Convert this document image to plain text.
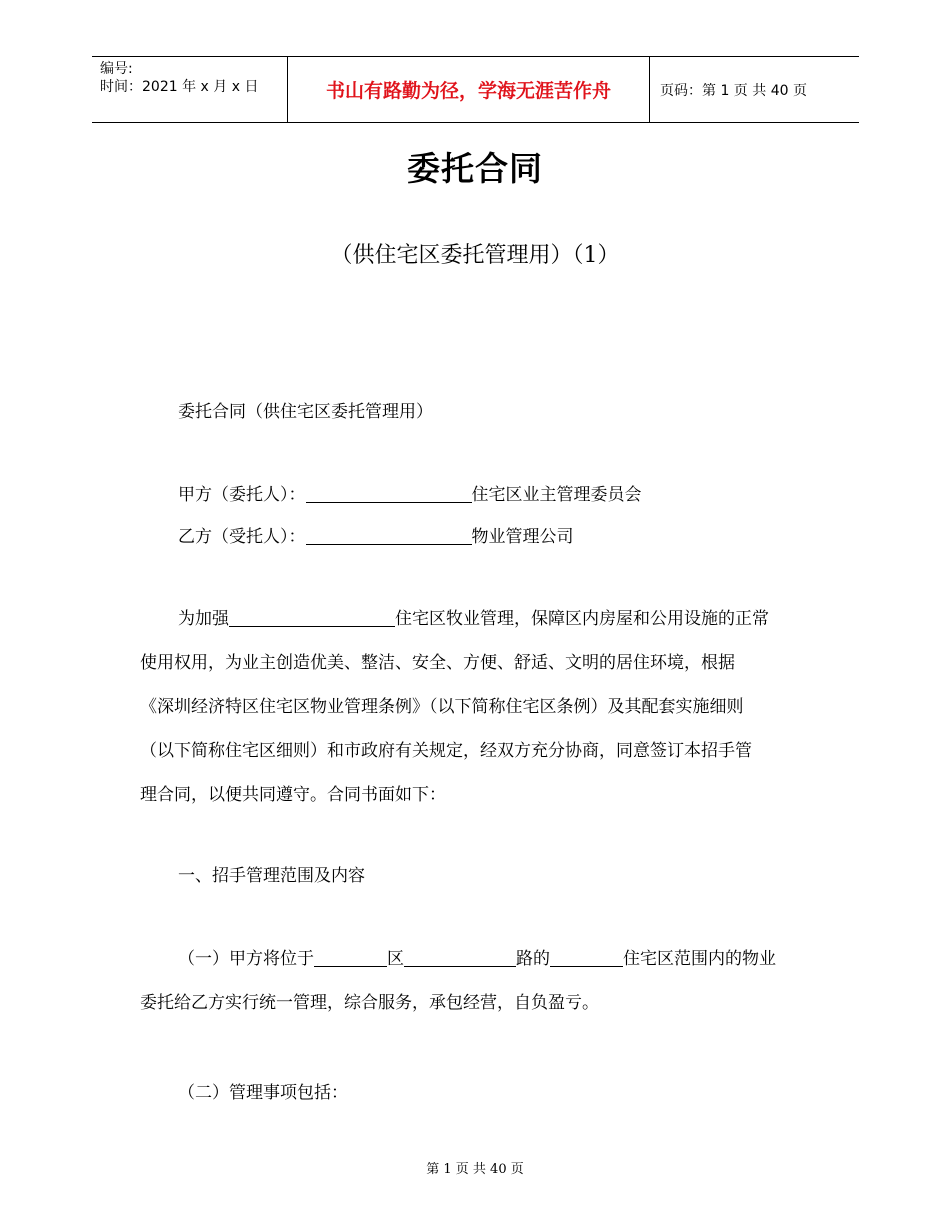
编号:
时间：2021 年 x 月 x 日	书山有路勤为径，学海无涯苦作舟	页码：第 1 页 共 40 页
委托合同
（供住宅区委托管理用）（1）
委托合同（供住宅区委托管理用）
甲方（委托人）：	住宅区业主管理委员会
乙方（受托人）：	物业管理公司

为加强	住宅区牧业管理，保障区内房屋和公用设施的正常

使用权用，为业主创造优美、整洁、安全、方便、舒适、文明的居住环境，根据

《深圳经济特区住宅区物业管理条例》（以下简称住宅区条例）及其配套实施细则

（以下简称住宅区细则）和市政府有关规定，经双方充分协商，同意签订本招手管

理合同，以便共同遵守。合同书面如下：

一、招手管理范围及内容

（一）甲方将位于	区	路的	住宅区范围内的物业

委托给乙方实行统一管理，综合服务，承包经营，自负盈亏。

（二）管理事项包括：
第 1 页 共 40 页
